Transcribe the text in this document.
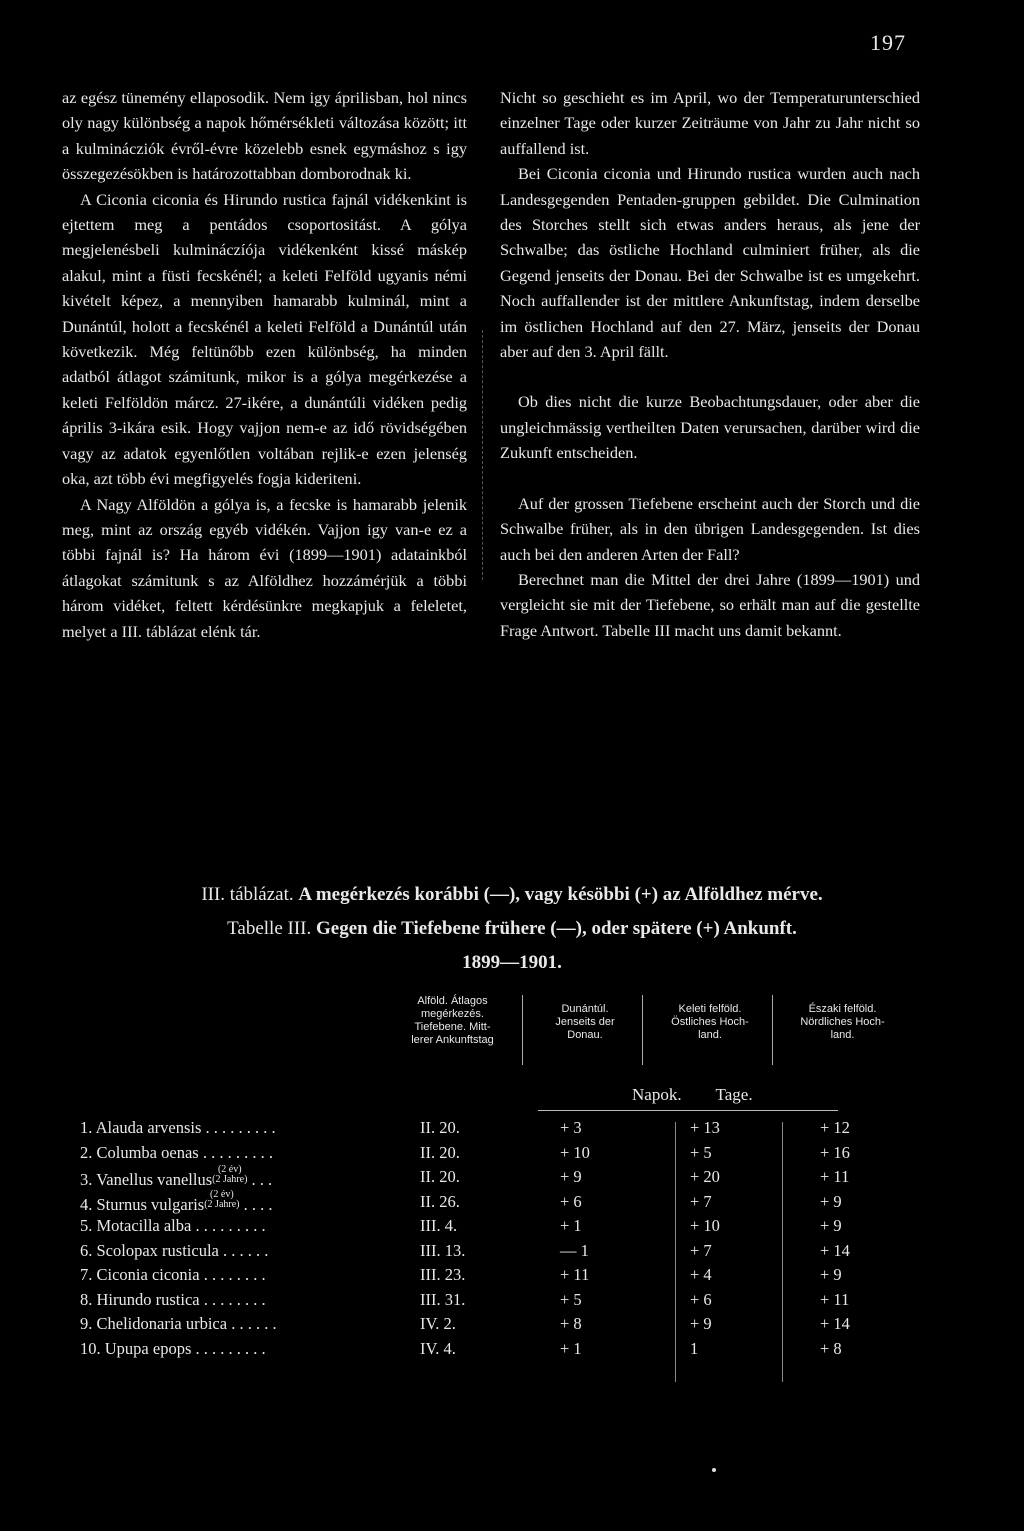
197

az egész tünemény ellaposodik. Nem igy áprilisban, hol nincs oly nagy különbség a napok hőmérsékleti változása között; itt a kulminácziók évről-évre közelebb esnek egymáshoz s igy összegezésökben is határozottabban domborodnak ki.

A Ciconia ciconia és Hirundo rustica fajnál vidékenkint is ejtettem meg a pentádos csoportositást. A gólya megjelenésbeli kulmináczíója vidékenként kissé máskép alakul, mint a füsti fecskénél; a keleti Felföld ugyanis némi kivételt képez, a mennyiben hamarabb kulminál, mint a Dunántúl, holott a fecskénél a keleti Felföld a Dunántúl után következik. Még feltünőbb ezen különbség, ha minden adatból átlagot számitunk, mikor is a gólya megérkezése a keleti Felföldön márcz. 27-ikére, a dunántúli vidéken pedig április 3-ikára esik. Hogy vajjon nem-e az idő rövidségében vagy az adatok egyenlőtlen voltában rejlik-e ezen jelenség oka, azt több évi megfigyelés fogja kideriteni.

A Nagy Alföldön a gólya is, a fecske is hamarabb jelenik meg, mint az ország egyéb vidékén. Vajjon igy van-e ez a többi fajnál is? Ha három évi (1899—1901) adatainkból átlagokat számitunk s az Alföldhez hozzámérjük a többi három vidéket, feltett kérdésünkre megkapjuk a feleletet, melyet a III. táblázat elénk tár.

Nicht so geschieht es im April, wo der Temperaturunterschied einzelner Tage oder kurzer Zeiträume von Jahr zu Jahr nicht so auffallend ist.

Bei Ciconia ciconia und Hirundo rustica wurden auch nach Landesgegenden Pentaden-gruppen gebildet. Die Culmination des Storches stellt sich etwas anders heraus, als jene der Schwalbe; das östliche Hochland culminiert früher, als die Gegend jenseits der Donau. Bei der Schwalbe ist es umgekehrt. Noch auffallender ist der mittlere Ankunftstag, indem derselbe im östlichen Hochland auf den 27. März, jenseits der Donau aber auf den 3. April fällt.

Ob dies nicht die kurze Beobachtungsdauer, oder aber die ungleichmässig vertheilten Daten verursachen, darüber wird die Zukunft entscheiden.

Auf der grossen Tiefebene erscheint auch der Storch und die Schwalbe früher, als in den übrigen Landesgegenden. Ist dies auch bei den anderen Arten der Fall?

Berechnet man die Mittel der drei Jahre (1899—1901) und vergleicht sie mit der Tiefebene, so erhält man auf die gestellte Frage Antwort. Tabelle III macht uns damit bekannt.

III. táblázat. A megérkezés korábbi (—), vagy késöbbi (+) az Alföldhez mérve.
Tabelle III. Gegen die Tiefebene frühere (—), oder spätere (+) Ankunft.
1899—1901.
Alföld. Átlagos
megérkezés.
Tiefebene. Mitt-
lerer Ankunftstag
Dunántúl.
Jenseits der
Donau.
Keleti felföld.
Östliches Hoch-
land.
Északi felföld.
Nördliches Hoch-
land.
Napok. Tage.
1. Alauda arvensis . . . . . . . . .	II. 20.	+ 3	+ 13	+ 12
2. Columba oenas . . . . . . . . .	II. 20.	+ 10	+ 5	+ 16
3. Vanellus vanellus$^{(2 év) (2 Jahre)}$ . . .	II. 20.	+ 9	+ 20	+ 11
4. Sturnus vulgaris$^{(2 év) (2 Jahre)}$ . . . .	II. 26.	+ 6	+ 7	+ 9
5. Motacilla alba . . . . . . . . .	III. 4.	+ 1	+ 10	+ 9
6. Scolopax rusticula . . . . . .	III. 13.	— 1	+ 7	+ 14
7. Ciconia ciconia . . . . . . . .	III. 23.	+ 11	+ 4	+ 9
8. Hirundo rustica . . . . . . . .	III. 31.	+ 5	+ 6	+ 11
9. Chelidonaria urbica . . . . . .	IV. 2.	+ 8	+ 9	+ 14
10. Upupa epops . . . . . . . . .	IV. 4.	+ 1	1	+ 8
